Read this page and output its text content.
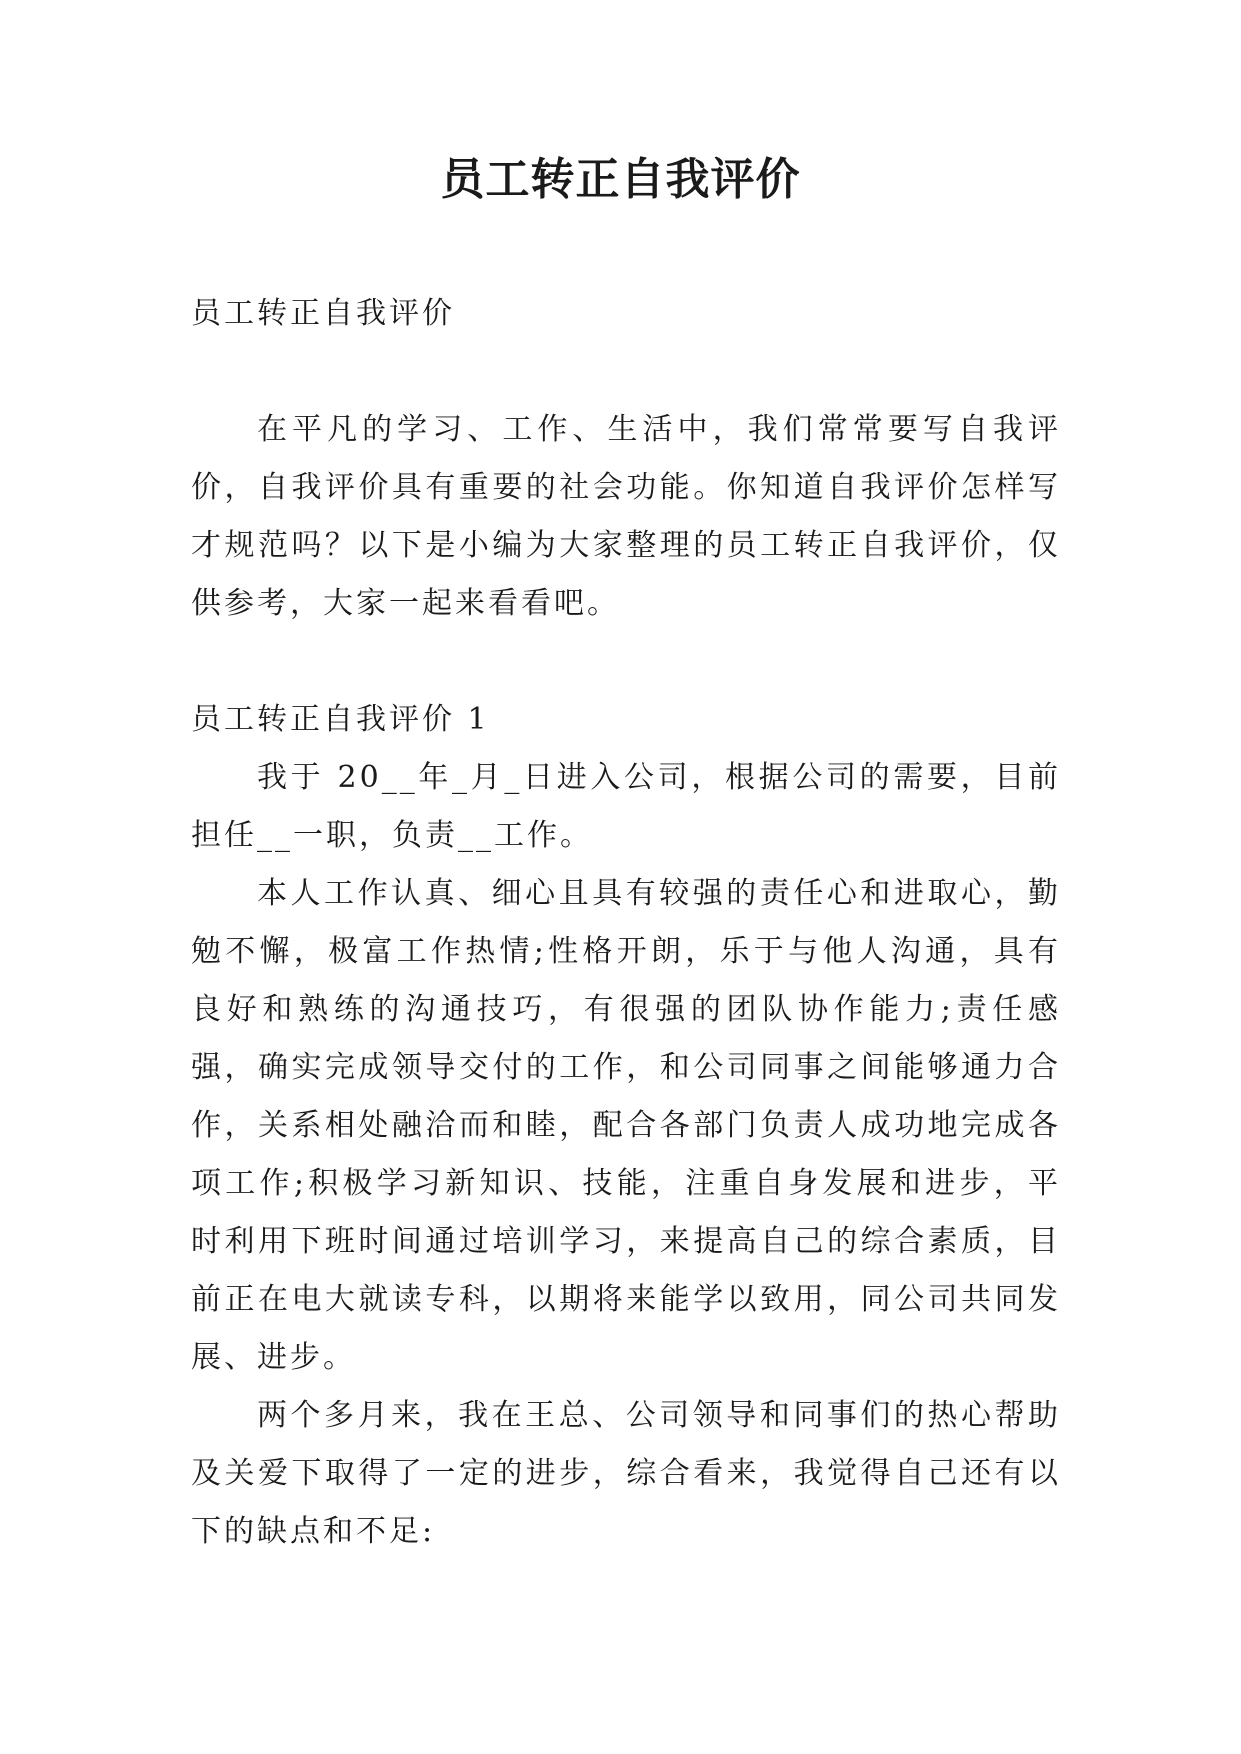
员工转正自我评价

员工转正自我评价

在平凡的学习、工作、生活中，我们常常要写自我评价，自我评价具有重要的社会功能。你知道自我评价怎样写才规范吗？以下是小编为大家整理的员工转正自我评价，仅供参考，大家一起来看看吧。

员工转正自我评价 1

我于 20__年_月_日进入公司，根据公司的需要，目前担任__一职，负责__工作。

本人工作认真、细心且具有较强的责任心和进取心，勤勉不懈，极富工作热情;性格开朗，乐于与他人沟通，具有良好和熟练的沟通技巧，有很强的团队协作能力;责任感强，确实完成领导交付的工作，和公司同事之间能够通力合作，关系相处融洽而和睦，配合各部门负责人成功地完成各项工作;积极学习新知识、技能，注重自身发展和进步，平时利用下班时间通过培训学习，来提高自己的综合素质，目前正在电大就读专科，以期将来能学以致用，同公司共同发展、进步。

两个多月来，我在王总、公司领导和同事们的热心帮助及关爱下取得了一定的进步，综合看来，我觉得自己还有以下的缺点和不足:
